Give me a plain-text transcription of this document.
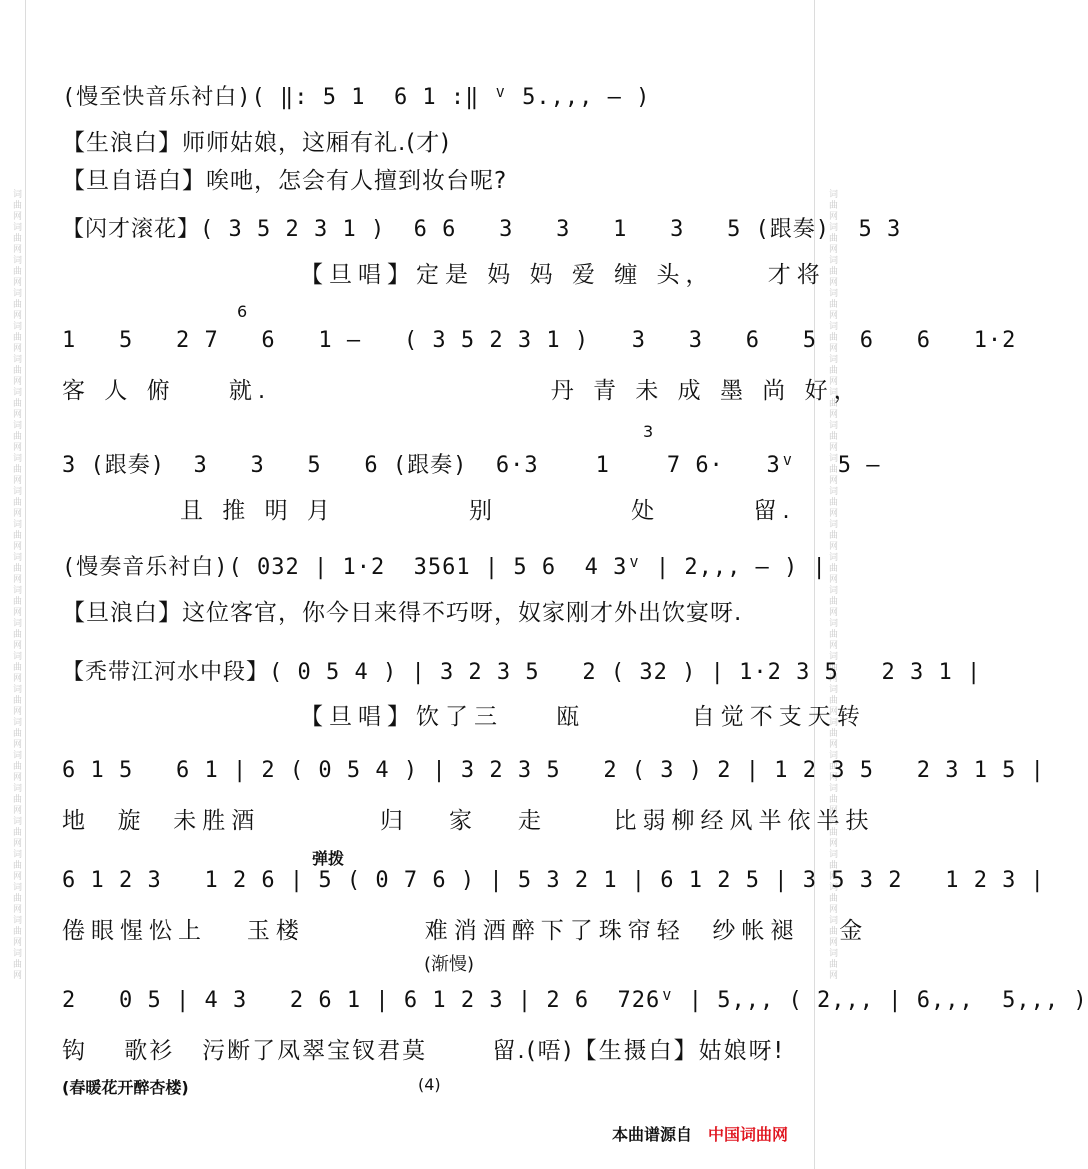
词曲网词曲网词曲网词曲网词曲网词曲网词曲网词曲网词曲网词曲网词曲网词曲网词曲网词曲网词曲网词曲网词曲网词曲网词曲网词曲网词曲网词曲网词曲网词曲网	词曲网词曲网词曲网词曲网词曲网词曲网词曲网词曲网词曲网词曲网词曲网词曲网词曲网词曲网词曲网词曲网词曲网词曲网词曲网词曲网词曲网词曲网词曲网词曲网
(慢至快音乐衬白)( ‖: 5 1  6 1 :‖ ⱽ 5.,,, – )
【生浪白】师师姑娘，这厢有礼.(才)
【旦自语白】唉吔，怎会有人擅到妆台呢?
【闪才滚花】( 3 5 2 3 1 )  6 6   3   3   1   3   5 (跟奏)  5 3
【旦唱】定是 妈 妈 爱 缠 头，    才将
6
1   5   2 7   6   1 –   ( 3 5 2 3 1 )   3   3   6   5   6   6   1·2
客 人 俯    就.                     丹 青 未 成 墨 尚 好，
3
3 (跟奏)  3   3   5   6 (跟奏)  6·3    1    7 6·   3ⱽ   5 –
且 推 明 月          别          处       留.
(慢奏音乐衬白)( 032 | 1·2  3561 | 5 6  4 3ⱽ | 2,,, – ) |
【旦浪白】这位客官，你今日来得不巧呀，奴家刚才外出饮宴呀.
【秃带江河水中段】( 0 5 4 ) | 3 2 3 5   2 ( 32 ) | 1·2 3 5   2 3 1 |
【旦唱】饮了三    瓯        自觉不支天转
6 1 5   6 1 | 2 ( 0 5 4 ) | 3 2 3 5   2 ( 3 ) 2 | 1 2 3 5   2 3 1 5 |
地  旋  未胜酒         归   家   走     比弱柳经风半依半扶
弹拨
6 1 2 3   1 2 6 | 5 ( 0 7 6 ) | 5 3 2 1 | 6 1 2 5 | 3 5 3 2   1 2 3 |
倦眼惺忪上   玉楼         难消酒醉下了珠帘轻  纱帐褪   金
(渐慢)
2   0 5 | 4 3   2 6 1 | 6 1 2 3 | 2 6  726ⱽ | 5,,, ( 2,,, | 6,,,  5,,, )
钩    歌衫   污断了凤翠宝钗君莫       留.(唔)【生摄白】姑娘呀!
(春暖花开醉杏楼)	(4)
本曲谱源自 中国词曲网
